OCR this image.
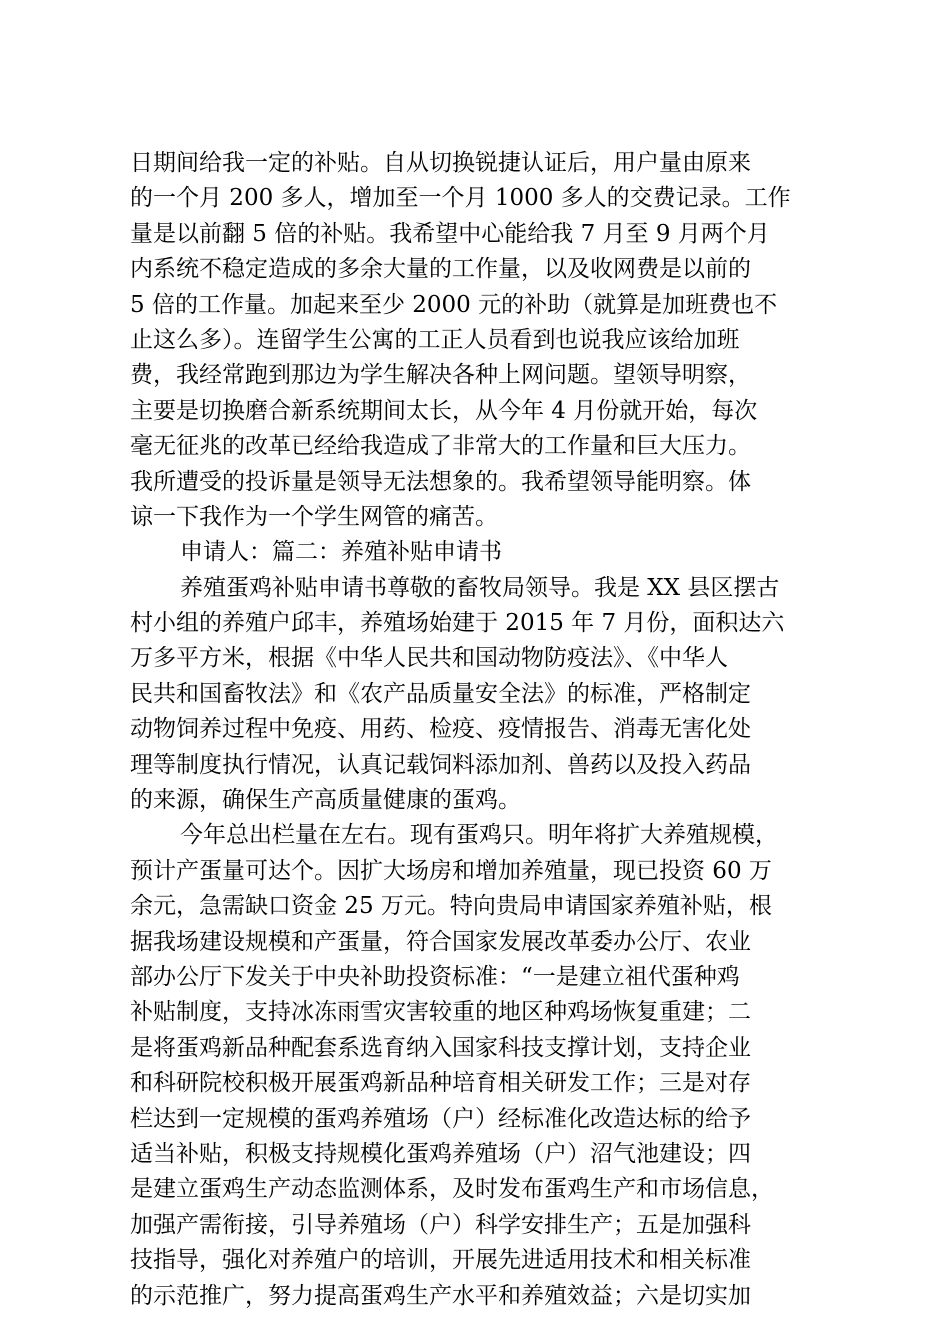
日期间给我一定的补贴。自从切换锐捷认证后，用户量由原来
的一个月 200 多人，增加至一个月 1000 多人的交费记录。工作
量是以前翻 5 倍的补贴。我希望中心能给我 7 月至 9 月两个月
内系统不稳定造成的多余大量的工作量，以及收网费是以前的
5 倍的工作量。加起来至少 2000 元的补助（就算是加班费也不
止这么多）。连留学生公寓的工正人员看到也说我应该给加班
费，我经常跑到那边为学生解决各种上网问题。望领导明察，
主要是切换磨合新系统期间太长，从今年 4 月份就开始，每次
毫无征兆的改革已经给我造成了非常大的工作量和巨大压力。
我所遭受的投诉量是领导无法想象的。我希望领导能明察。体
谅一下我作为一个学生网管的痛苦。
申请人：篇二：养殖补贴申请书
养殖蛋鸡补贴申请书尊敬的畜牧局领导。我是 XX 县区摆古
村小组的养殖户邱丰，养殖场始建于 2015 年 7 月份，面积达六
万多平方米，根据《中华人民共和国动物防疫法》、《中华人
民共和国畜牧法》和《农产品质量安全法》的标准，严格制定
动物饲养过程中免疫、用药、检疫、疫情报告、消毒无害化处
理等制度执行情况，认真记载饲料添加剂、兽药以及投入药品
的来源，确保生产高质量健康的蛋鸡。
今年总出栏量在左右。现有蛋鸡只。明年将扩大养殖规模，
预计产蛋量可达个。因扩大场房和增加养殖量，现已投资 60 万
余元，急需缺口资金 25 万元。特向贵局申请国家养殖补贴，根
据我场建设规模和产蛋量，符合国家发展改革委办公厅、农业
部办公厅下发关于中央补助投资标准：“一是建立祖代蛋种鸡
补贴制度，支持冰冻雨雪灾害较重的地区种鸡场恢复重建；二
是将蛋鸡新品种配套系选育纳入国家科技支撑计划，支持企业
和科研院校积极开展蛋鸡新品种培育相关研发工作；三是对存
栏达到一定规模的蛋鸡养殖场（户）经标准化改造达标的给予
适当补贴，积极支持规模化蛋鸡养殖场（户）沼气池建设；四
是建立蛋鸡生产动态监测体系，及时发布蛋鸡生产和市场信息，
加强产需衔接，引导养殖场（户）科学安排生产；五是加强科
技指导，强化对养殖户的培训，开展先进适用技术和相关标准
的示范推广，努力提高蛋鸡生产水平和养殖效益；六是切实加
